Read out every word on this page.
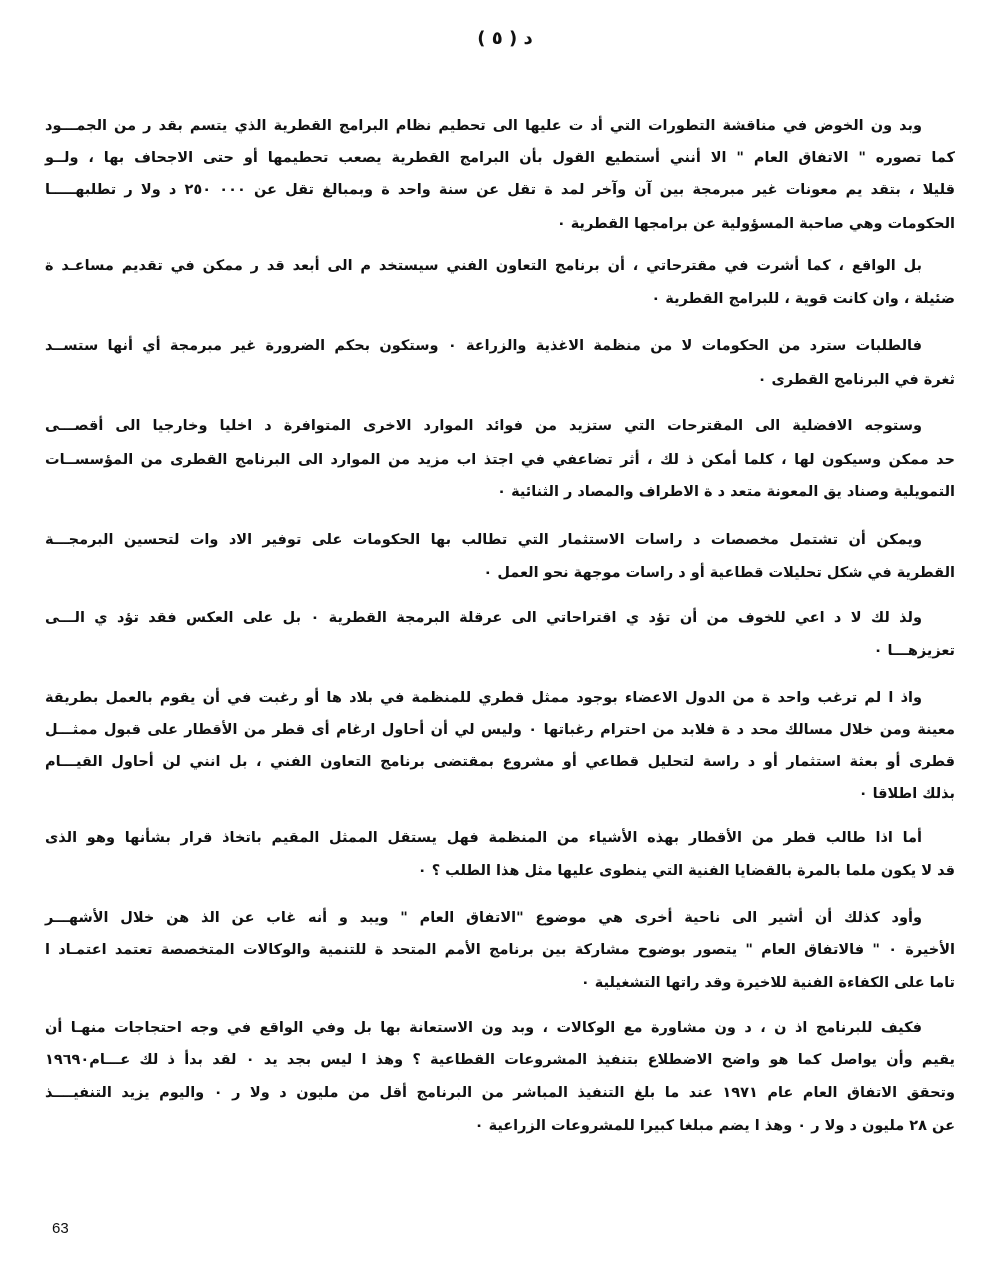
د ( ٥ )
وبد ون الخوض في مناقشة التطورات التي أد ت عليها الى تحطيم نظام البرامج القطرية الذي يتسم بقد ر من الجمـــود
كما تصوره " الاتفاق العام " الا أنني أستطيع القول بأن البرامج القطرية يصعب تحطيمها أو حتى الاجحاف بها ، ولــو
قليلا ، بتقد يم معونات غير مبرمجة بين آن وآخر لمد ة تقل عن سنة واحد ة وبمبالغ تقل عن ٠٠٠ ٢٥٠ د ولا ر تطلبهـــــا
الحكومات وهي صاحبة المسؤولية عن برامجها القطرية ٠
بل الواقع ، كما أشرت في مقترحاتي ، أن برنامج التعاون الفني سيستخد م الى أبعد قد ر ممكن في تقديم مساعـد ة
ضئيلة ، وان كانت قوية ، للبرامج القطرية ٠
فالطلبات سترد من الحكومات لا من منظمة الاغذية والزراعة ٠ وستكون بحكم الضرورة غير مبرمجة أي أنها ستســد
ثغرة في البرنامج القطرى ٠
وستوجه الافضلية الى المقترحات التي ستزيد من فوائد الموارد الاخرى المتوافرة د اخليا وخارجيا الى أقصـــى
حد ممكن وسيكون لها ، كلما أمكن ذ لك ، أثر تضاعفي في اجتذ اب مزيد من الموارد الى البرنامج القطرى من المؤسســات
التمويلية وصناد يق المعونة متعد د ة الاطراف والمصاد ر الثنائية ٠
ويمكن أن تشتمل مخصصات د راسات الاستثمار التي تطالب بها الحكومات على توفير الاد وات لتحسين البرمجـــة
القطرية في شكل تحليلات قطاعية أو د راسات موجهة نحو العمل ٠
ولذ لك لا د اعي للخوف من أن تؤد ي اقتراحاتي الى عرقلة البرمجة القطرية ٠ بل على العكس فقد تؤد ي الـــى
تعزيزهـــا ٠
واذ ا لم ترغب واحد ة من الدول الاعضاء بوجود ممثل قطري للمنظمة في بلاد ها أو رغبت في أن يقوم بالعمل بطريقة
معينة ومن خلال مسالك محد د ة فلابد من احترام رغباتها ٠ وليس لي أن أحاول ارغام أى قطر من الأقطار على قبول ممثـــل
قطرى أو بعثة استثمار أو د راسة لتحليل قطاعي أو مشروع بمقتضى برنامج التعاون الفني ، بل انني لن أحاول القيـــام
بذلك اطلاقا ٠
أما اذا طالب قطر من الأقطار بهذه الأشياء من المنظمة فهل يستقل الممثل المقيم باتخاذ قرار بشأنها وهو الذى
قد لا يكون ملما بالمرة بالقضايا الفنية التي ينطوى عليها مثل هذا الطلب ؟ ٠
وأود كذلك أن أشير الى ناحية أخرى هي موضوع "الاتفاق العام " ويبد و أنه غاب عن الذ هن خلال الأشهـــر
الأخيرة ٠ " فالاتفاق العام " يتصور بوضوح مشاركة بين برنامج الأمم المتحد ة للتنمية والوكالات المتخصصة تعتمد اعتمـاد ا
تاما على الكفاءة الفنية للاخيرة وقد راتها التشغيلية ٠
فكيف للبرنامج اذ ن ، د ون مشاورة مع الوكالات ، وبد ون الاستعانة بها بل وفي الواقع في وجه احتجاجات منهـا أن
يقيم وأن يواصل كما هو واضح الاضطلاع بتنفيذ المشروعات القطاعية ؟ وهذ ا ليس بجد يد ٠ لقد بدأ ذ لك عـــام١٩٦٩٠
وتحقق الاتفاق العام عام ١٩٧١ عند ما بلغ التنفيذ المباشر من البرنامج أقل من مليون د ولا ر ٠ واليوم يزيد التنفيــــذ
عن ٢٨ مليون د ولا ر ٠ وهذ ا يضم مبلغا كبيرا للمشروعات الزراعية ٠
63
